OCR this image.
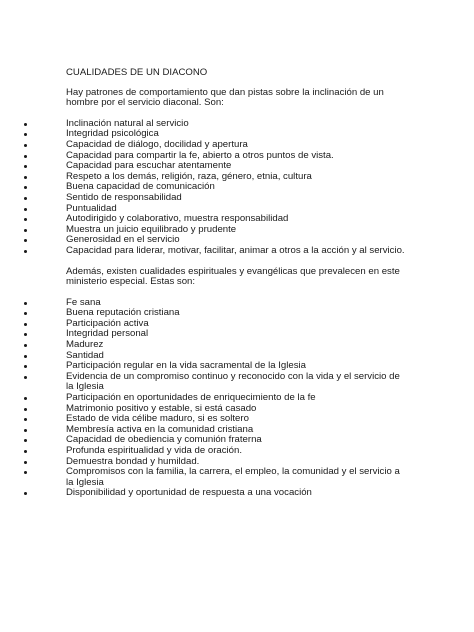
CUALIDADES DE UN DIACONO

Hay patrones de comportamiento que dan pistas sobre la inclinación de un hombre por el servicio diaconal. Son:

Inclinación natural al servicio
Integridad psicológica
Capacidad de diálogo, docilidad y apertura
Capacidad para compartir la fe, abierto a otros puntos de vista.
Capacidad para escuchar atentamente
Respeto a los demás, religión, raza, género, etnia, cultura
Buena capacidad de comunicación
Sentido de responsabilidad
Puntualidad
Autodirigido y colaborativo, muestra responsabilidad
Muestra un juicio equilibrado y prudente
Generosidad en el servicio
Capacidad para liderar, motivar, facilitar, animar a otros a la acción y al servicio.

Además, existen cualidades espirituales y evangélicas que prevalecen en este ministerio especial. Estas son:

Fe sana
Buena reputación cristiana
Participación activa
Integridad personal
Madurez
Santidad
Participación regular en la vida sacramental de la Iglesia
Evidencia de un compromiso continuo y reconocido con la vida y el servicio de la Iglesia
Participación en oportunidades de enriquecimiento de la fe
Matrimonio positivo y estable, si está casado
Estado de vida célibe maduro, si es soltero
Membresía activa en la comunidad cristiana
Capacidad de obediencia y comunión fraterna
Profunda espiritualidad y vida de oración.
Demuestra bondad y humildad.
Compromisos con la familia, la carrera, el empleo, la comunidad y el servicio a la Iglesia
Disponibilidad y oportunidad de respuesta a una vocación
